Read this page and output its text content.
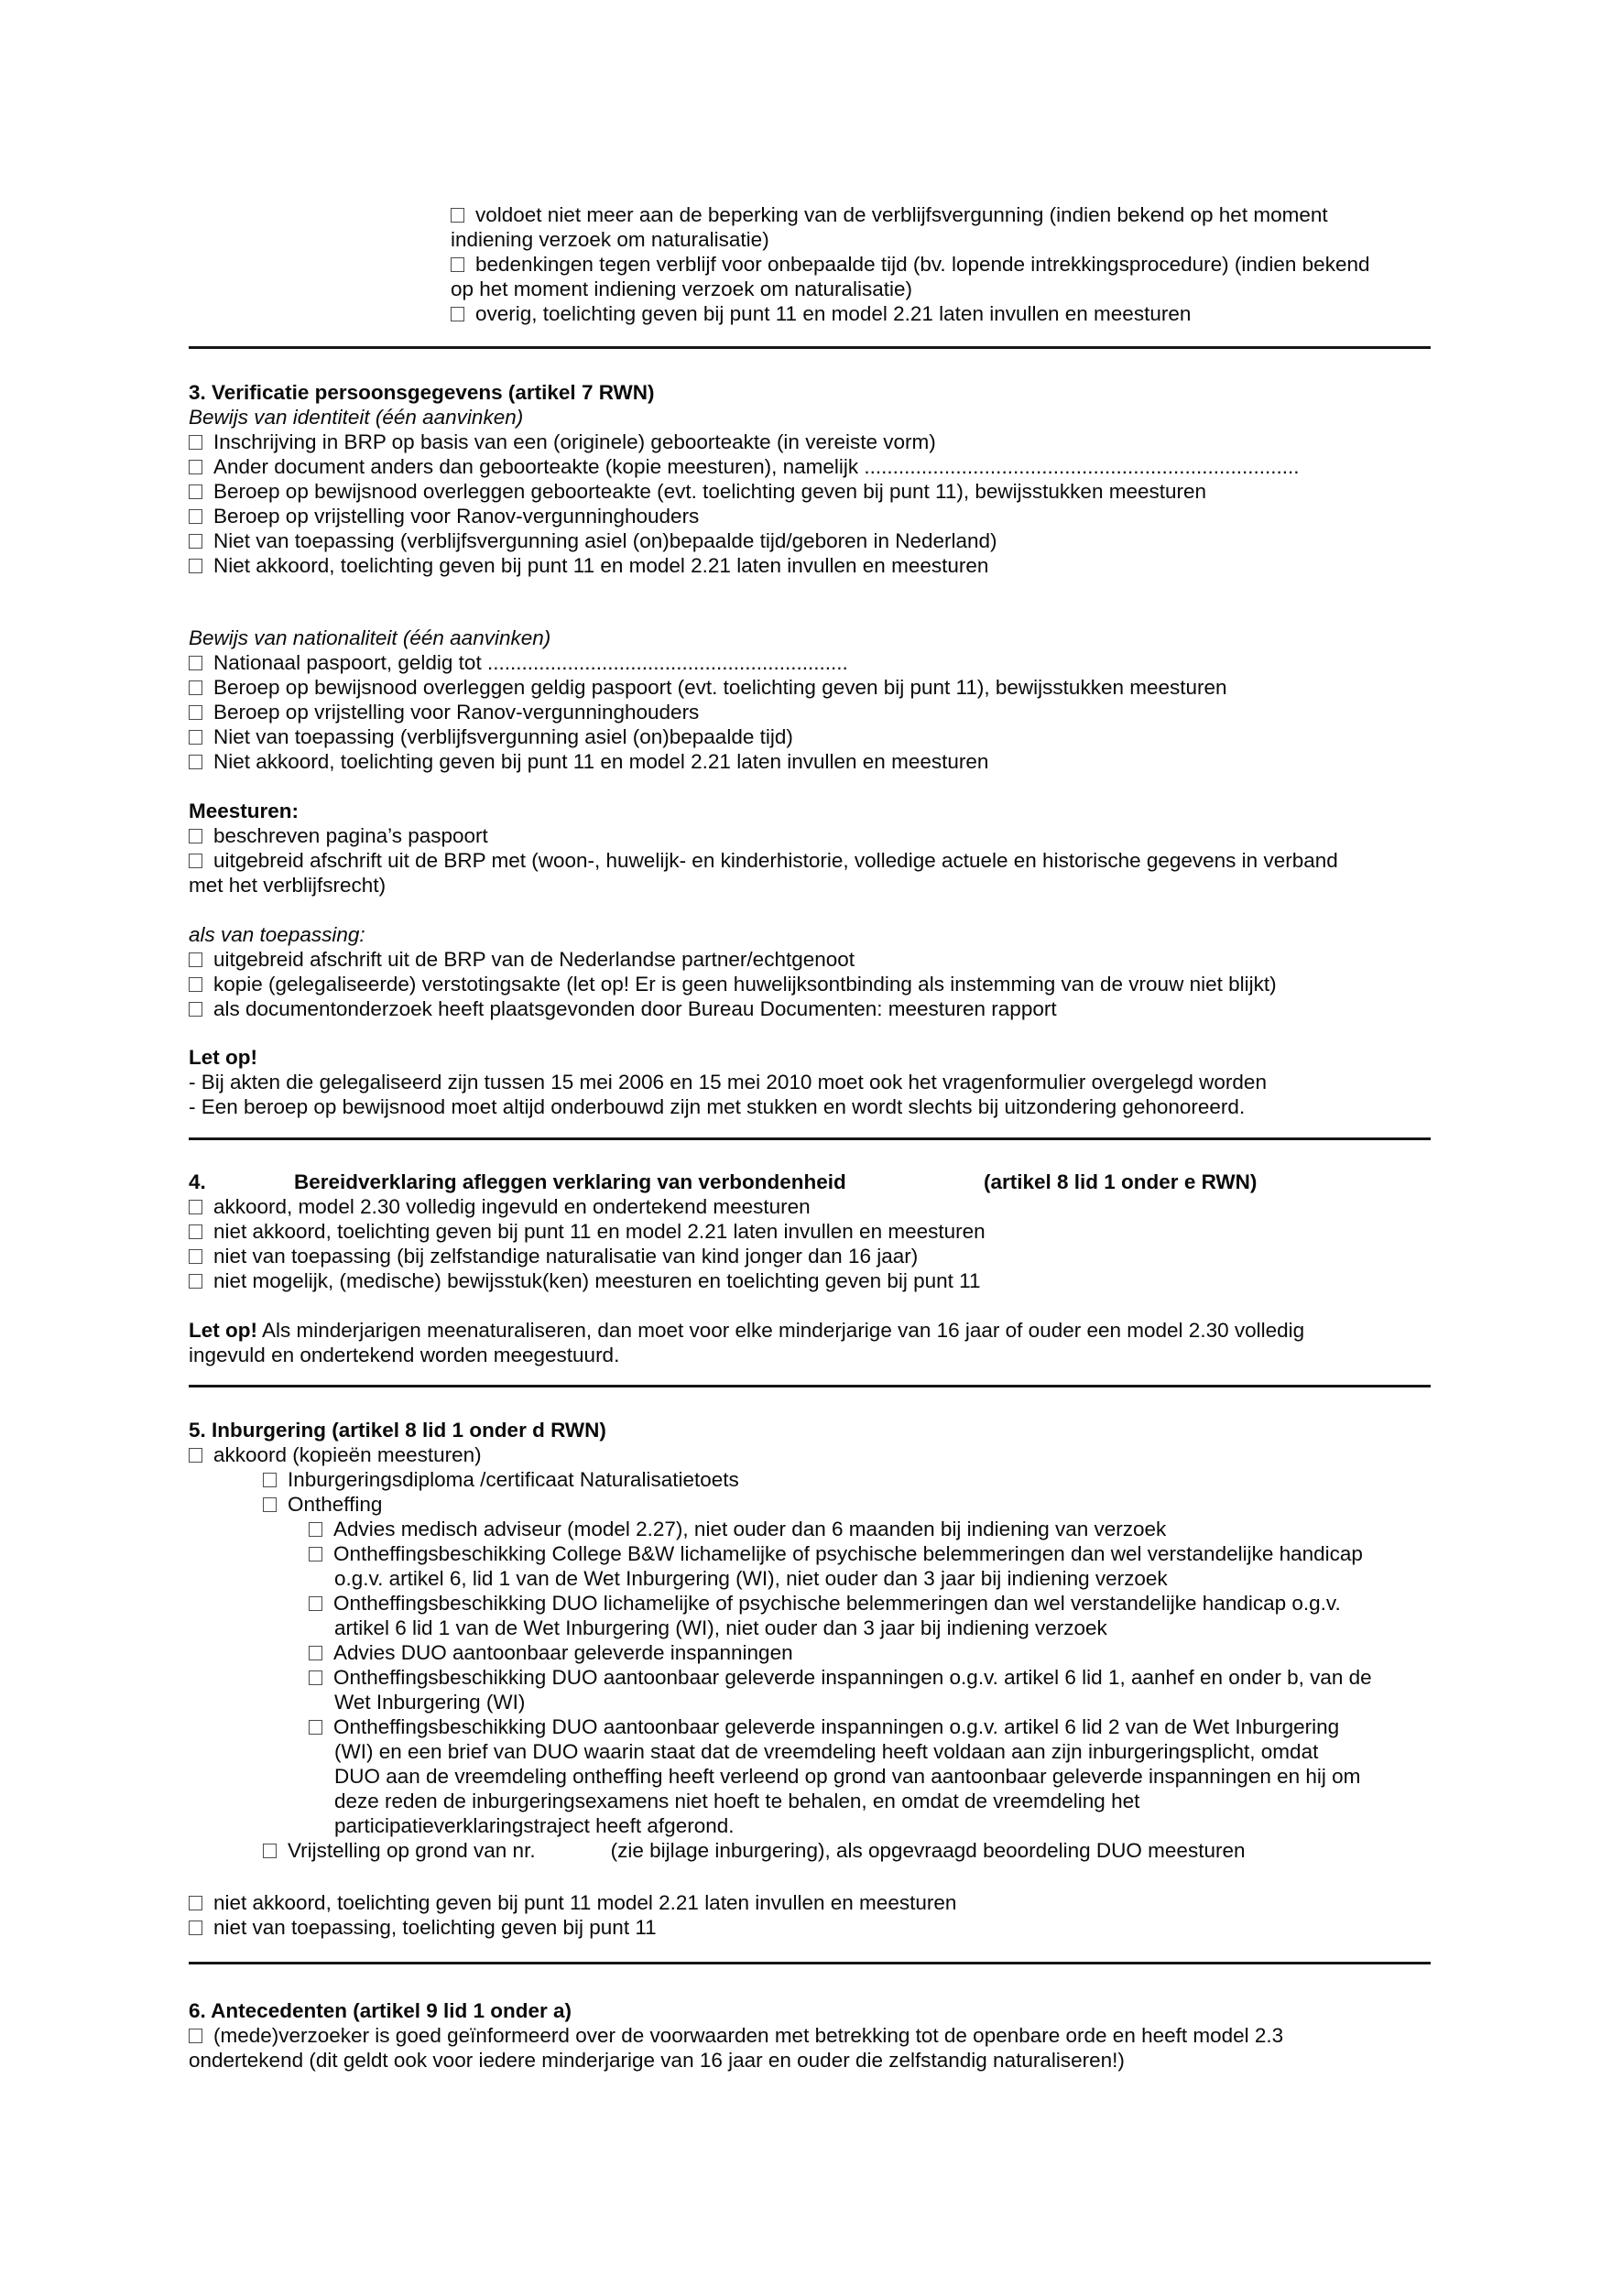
voldoet niet meer aan de beperking van de verblijfsvergunning (indien bekend op het moment
indiening verzoek om naturalisatie)
bedenkingen tegen verblijf voor onbepaalde tijd (bv. lopende intrekkingsprocedure) (indien bekend
op het moment indiening verzoek om naturalisatie)
overig, toelichting geven bij punt 11 en model 2.21 laten invullen en meesturen
3. Verificatie persoonsgegevens (artikel 7 RWN)
Bewijs van identiteit (één aanvinken)
Inschrijving in BRP op basis van een (originele) geboorteakte (in vereiste vorm)
Ander document anders dan geboorteakte (kopie meesturen), namelijk ............................................................................
Beroep op bewijsnood overleggen geboorteakte (evt. toelichting geven bij punt 11), bewijsstukken meesturen
Beroep op vrijstelling voor Ranov-vergunninghouders
Niet van toepassing (verblijfsvergunning asiel (on)bepaalde tijd/geboren in Nederland)
Niet akkoord, toelichting geven bij punt 11 en model 2.21 laten invullen en meesturen
Bewijs van nationaliteit (één aanvinken)
Nationaal paspoort, geldig tot ...............................................................
Beroep op bewijsnood overleggen geldig paspoort (evt. toelichting geven bij punt 11), bewijsstukken meesturen
Beroep op vrijstelling voor Ranov-vergunninghouders
Niet van toepassing (verblijfsvergunning asiel (on)bepaalde tijd)
Niet akkoord, toelichting geven bij punt 11 en model 2.21 laten invullen en meesturen
Meesturen:
beschreven pagina’s paspoort
uitgebreid afschrift uit de BRP met (woon-, huwelijk- en kinderhistorie, volledige actuele en historische gegevens in verband
met het verblijfsrecht)
als van toepassing:
uitgebreid afschrift uit de BRP van de Nederlandse partner/echtgenoot
kopie (gelegaliseerde) verstotingsakte (let op! Er is geen huwelijksontbinding als instemming van de vrouw niet blijkt)
als documentonderzoek heeft plaatsgevonden door Bureau Documenten: meesturen rapport
Let op!
- Bij akten die gelegaliseerd zijn tussen 15 mei 2006 en 15 mei 2010 moet ook het vragenformulier overgelegd worden
- Een beroep op bewijsnood moet altijd onderbouwd zijn met stukken en wordt slechts bij uitzondering gehonoreerd.
4.	Bereidverklaring afleggen verklaring van verbondenheid	(artikel 8 lid 1 onder e RWN)
akkoord, model 2.30 volledig ingevuld en ondertekend meesturen
niet akkoord, toelichting geven bij punt 11 en model 2.21 laten invullen en meesturen
niet van toepassing (bij zelfstandige naturalisatie van kind jonger dan 16 jaar)
niet mogelijk, (medische) bewijsstuk(ken) meesturen en toelichting geven bij punt 11
Let op! Als minderjarigen meenaturaliseren, dan moet voor elke minderjarige van 16 jaar of ouder een model 2.30 volledig
ingevuld en ondertekend worden meegestuurd.
5. Inburgering (artikel 8 lid 1 onder d RWN)
akkoord (kopieën meesturen)
Inburgeringsdiploma /certificaat Naturalisatietoets
Ontheffing
Advies medisch adviseur (model 2.27), niet ouder dan 6 maanden bij indiening van verzoek
Ontheffingsbeschikking College B&W lichamelijke of psychische belemmeringen dan wel verstandelijke handicap
o.g.v. artikel 6, lid 1 van de Wet Inburgering (WI), niet ouder dan 3 jaar bij indiening verzoek
Ontheffingsbeschikking DUO lichamelijke of psychische belemmeringen dan wel verstandelijke handicap o.g.v.
artikel 6 lid 1 van de Wet Inburgering (WI), niet ouder dan 3 jaar bij indiening verzoek
Advies DUO aantoonbaar geleverde inspanningen
Ontheffingsbeschikking DUO aantoonbaar geleverde inspanningen o.g.v. artikel 6 lid 1, aanhef en onder b, van de
Wet Inburgering (WI)
Ontheffingsbeschikking DUO aantoonbaar geleverde inspanningen o.g.v. artikel 6 lid 2 van de Wet Inburgering
(WI) en een brief van DUO waarin staat dat de vreemdeling heeft voldaan aan zijn inburgeringsplicht, omdat
DUO aan de vreemdeling ontheffing heeft verleend op grond van aantoonbaar geleverde inspanningen en hij om
deze reden de inburgeringsexamens niet hoeft te behalen, en omdat de vreemdeling het
participatieverklaringstraject heeft afgerond.
Vrijstelling op grond van nr.	(zie bijlage inburgering), als opgevraagd beoordeling DUO meesturen
niet akkoord, toelichting geven bij punt 11 model 2.21 laten invullen en meesturen
niet van toepassing, toelichting geven bij punt 11
6. Antecedenten (artikel 9 lid 1 onder a)
(mede)verzoeker is goed geïnformeerd over de voorwaarden met betrekking tot de openbare orde en heeft model 2.3
ondertekend (dit geldt ook voor iedere minderjarige van 16 jaar en ouder die zelfstandig naturaliseren!)
